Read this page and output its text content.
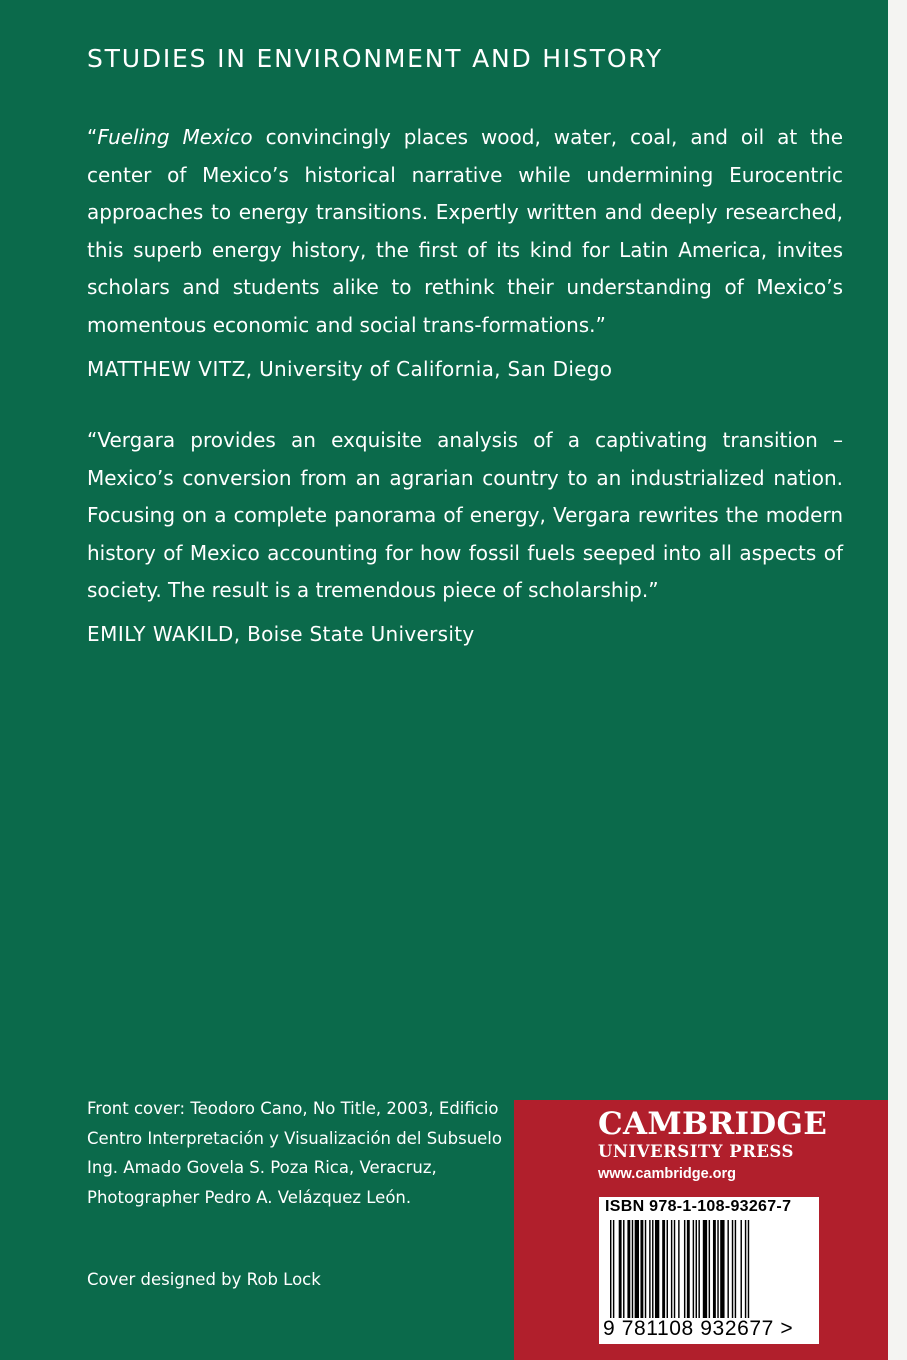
STUDIES IN ENVIRONMENT AND HISTORY

“Fueling Mexico convincingly places wood, water, coal, and oil at the center of Mexico’s historical narrative while undermining Eurocentric approaches to energy transitions. Expertly written and deeply researched, this superb energy history, the first of its kind for Latin America, invites scholars and students alike to rethink their understanding of Mexico’s momentous economic and social trans-formations.”

MATTHEW VITZ, University of California, San Diego

“Vergara provides an exquisite analysis of a captivating transition – Mexico’s conversion from an agrarian country to an industrialized nation. Focusing on a complete panorama of energy, Vergara rewrites the modern history of Mexico accounting for how fossil fuels seeped into all aspects of society. The result is a tremendous piece of scholarship.”

EMILY WAKILD, Boise State University

Front cover: Teodoro Cano, No Title, 2003, Edificio Centro Interpretación y Visualización del Subsuelo Ing. Amado Govela S. Poza Rica, Veracruz, Photographer Pedro A. Velázquez León.

Cover designed by Rob Lock

CAMBRIDGE
UNIVERSITY PRESS
www.cambridge.org
ISBN 978-1-108-93267-7
9 781108 932677 >
